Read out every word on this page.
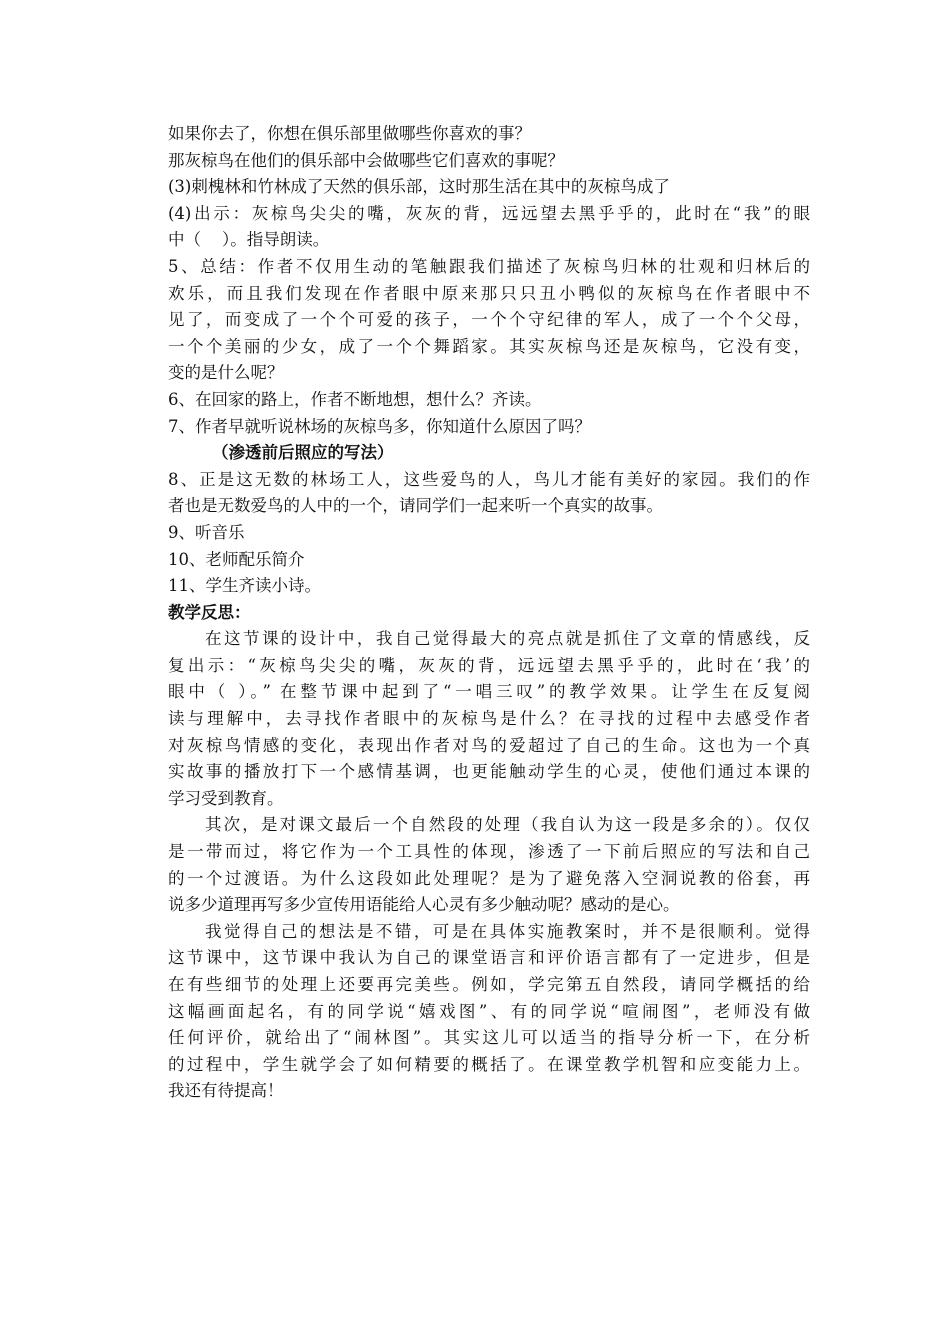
如果你去了，你想在俱乐部里做哪些你喜欢的事？
那灰椋鸟在他们的俱乐部中会做哪些它们喜欢的事呢？
(3)刺槐林和竹林成了天然的俱乐部，这时那生活在其中的灰椋鸟成了
(4)出示：灰椋鸟尖尖的嘴，灰灰的背，远远望去黑乎乎的，此时在“我”的眼
中（    ）。指导朗读。
5、总结：作者不仅用生动的笔触跟我们描述了灰椋鸟归林的壮观和归林后的
欢乐，而且我们发现在作者眼中原来那只只丑小鸭似的灰椋鸟在作者眼中不
见了，而变成了一个个可爱的孩子，一个个守纪律的军人，成了一个个父母，
一个个美丽的少女，成了一个个舞蹈家。其实灰椋鸟还是灰椋鸟，它没有变，
变的是什么呢？
6、在回家的路上，作者不断地想，想什么？齐读。
7、作者早就听说林场的灰椋鸟多，你知道什么原因了吗？
（渗透前后照应的写法）
8、正是这无数的林场工人，这些爱鸟的人，鸟儿才能有美好的家园。我们的作
者也是无数爱鸟的人中的一个，请同学们一起来听一个真实的故事。
9、听音乐
10、老师配乐简介
11、学生齐读小诗。
教学反思：
在这节课的设计中，我自己觉得最大的亮点就是抓住了文章的情感线，反
复出示：“灰椋鸟尖尖的嘴，灰灰的背，远远望去黑乎乎的，此时在‘我’的
眼中（ ）。” 在整节课中起到了“一唱三叹”的教学效果。让学生在反复阅
读与理解中，去寻找作者眼中的灰椋鸟是什么？在寻找的过程中去感受作者
对灰椋鸟情感的变化，表现出作者对鸟的爱超过了自己的生命。这也为一个真
实故事的播放打下一个感情基调，也更能触动学生的心灵，使他们通过本课的
学习受到教育。
其次，是对课文最后一个自然段的处理（我自认为这一段是多余的）。仅仅
是一带而过，将它作为一个工具性的体现，渗透了一下前后照应的写法和自己
的一个过渡语。为什么这段如此处理呢？是为了避免落入空洞说教的俗套，再
说多少道理再写多少宣传用语能给人心灵有多少触动呢？感动的是心。
我觉得自己的想法是不错，可是在具体实施教案时，并不是很顺利。觉得
这节课中，这节课中我认为自己的课堂语言和评价语言都有了一定进步，但是
在有些细节的处理上还要再完美些。例如，学完第五自然段，请同学概括的给
这幅画面起名，有的同学说“嬉戏图”、有的同学说“喧闹图”，老师没有做
任何评价，就给出了“闹林图”。其实这儿可以适当的指导分析一下，在分析
的过程中，学生就学会了如何精要的概括了。在课堂教学机智和应变能力上。
我还有待提高！
